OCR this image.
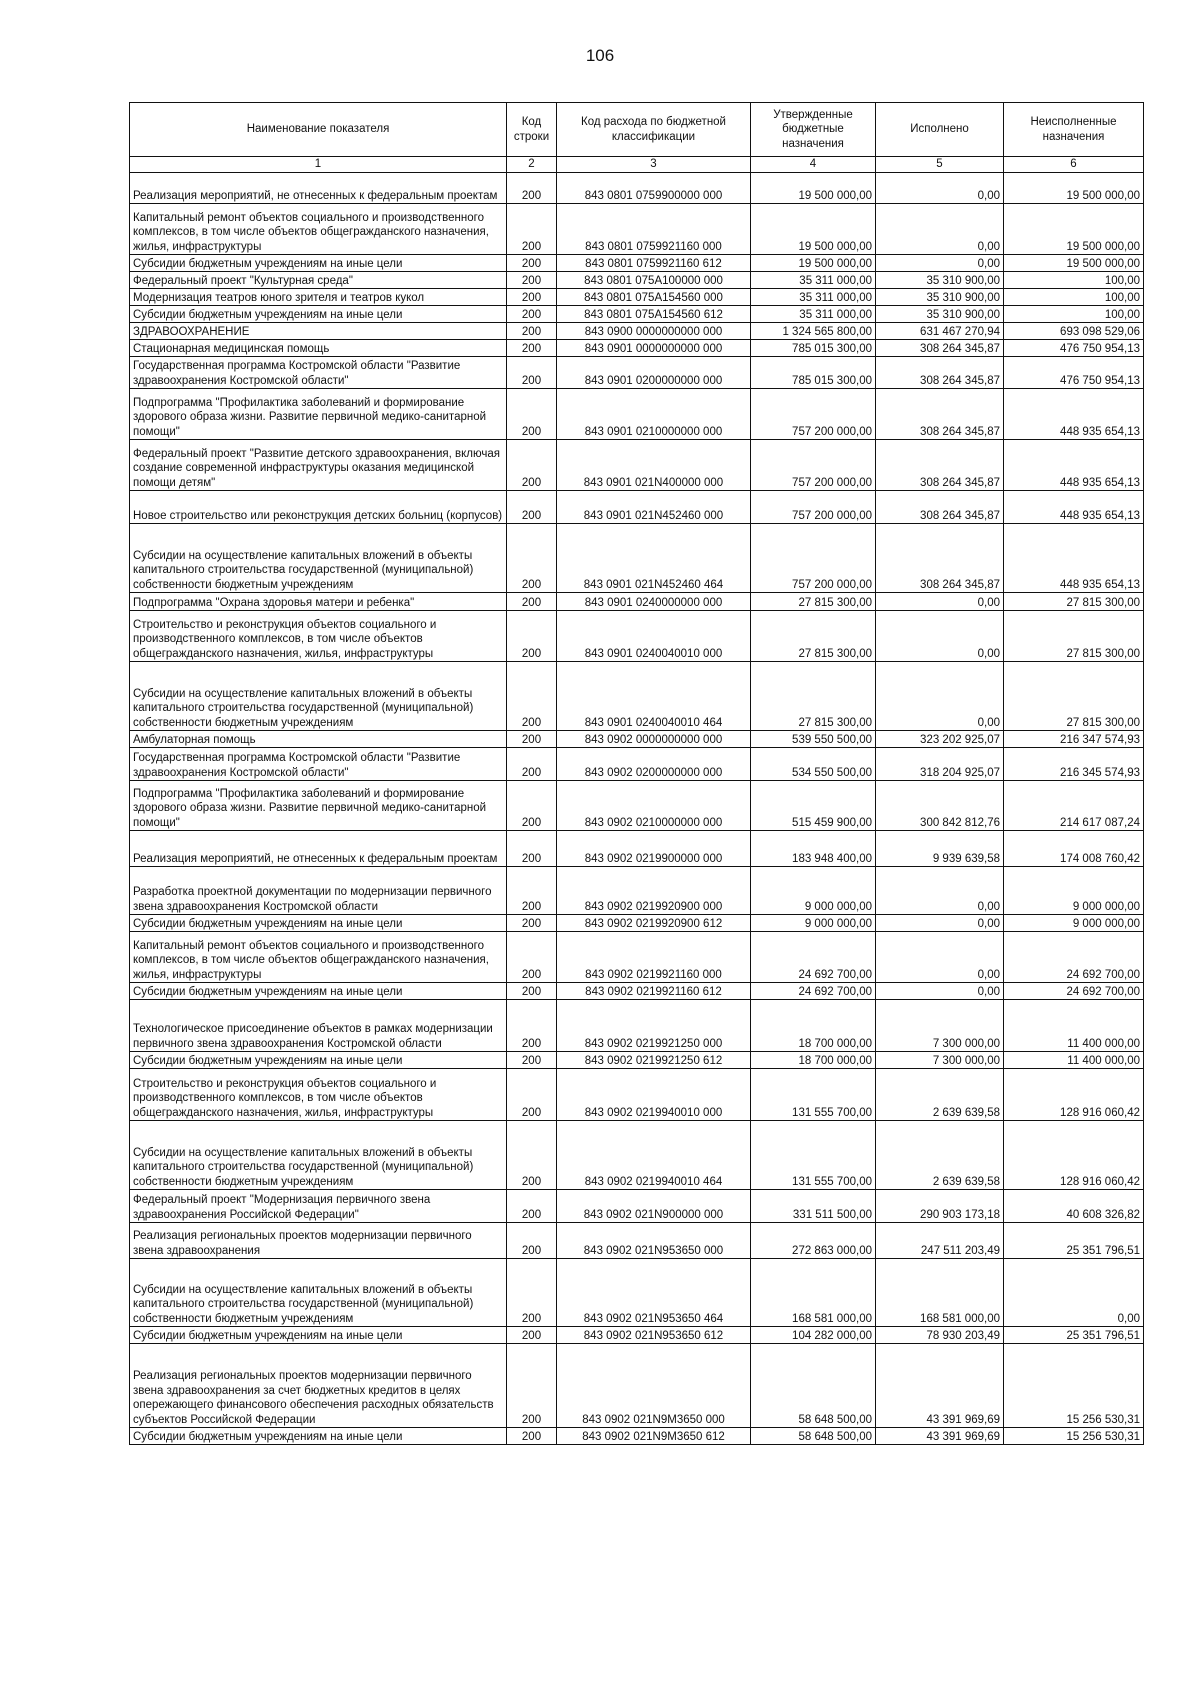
106
Наименование показателя	Код строки	Код расхода по бюджетной классификации	Утвержденные бюджетные назначения	Исполнено	Неисполненные назначения
1	2	3	4	5	6
Реализация мероприятий, не отнесенных к федеральным проектам	200	843 0801 0759900000 000	19 500 000,00	0,00	19 500 000,00
Капитальный ремонт объектов социального и производственного комплексов, в том числе объектов общегражданского назначения, жилья, инфраструктуры	200	843 0801 0759921160 000	19 500 000,00	0,00	19 500 000,00
Субсидии бюджетным учреждениям на иные цели	200	843 0801 0759921160 612	19 500 000,00	0,00	19 500 000,00
Федеральный проект "Культурная среда"	200	843 0801 075A100000 000	35 311 000,00	35 310 900,00	100,00
Модернизация театров юного зрителя и театров кукол	200	843 0801 075A154560 000	35 311 000,00	35 310 900,00	100,00
Субсидии бюджетным учреждениям на иные цели	200	843 0801 075A154560 612	35 311 000,00	35 310 900,00	100,00
ЗДРАВООХРАНЕНИЕ	200	843 0900 0000000000 000	1 324 565 800,00	631 467 270,94	693 098 529,06
Стационарная медицинская помощь	200	843 0901 0000000000 000	785 015 300,00	308 264 345,87	476 750 954,13
Государственная программа Костромской области "Развитие здравоохранения Костромской области"	200	843 0901 0200000000 000	785 015 300,00	308 264 345,87	476 750 954,13
Подпрограмма "Профилактика заболеваний и формирование здорового образа жизни. Развитие первичной медико-санитарной помощи"	200	843 0901 0210000000 000	757 200 000,00	308 264 345,87	448 935 654,13
Федеральный проект "Развитие детского здравоохранения, включая создание современной инфраструктуры оказания медицинской помощи детям"	200	843 0901 021N400000 000	757 200 000,00	308 264 345,87	448 935 654,13
Новое строительство или реконструкция детских больниц (корпусов)	200	843 0901 021N452460 000	757 200 000,00	308 264 345,87	448 935 654,13
Субсидии на осуществление капитальных вложений в объекты капитального строительства государственной (муниципальной) собственности бюджетным учреждениям	200	843 0901 021N452460 464	757 200 000,00	308 264 345,87	448 935 654,13
Подпрограмма "Охрана здоровья матери и ребенка"	200	843 0901 0240000000 000	27 815 300,00	0,00	27 815 300,00
Строительство и реконструкция объектов социального и производственного комплексов, в том числе объектов общегражданского назначения, жилья, инфраструктуры	200	843 0901 0240040010 000	27 815 300,00	0,00	27 815 300,00
Субсидии на осуществление капитальных вложений в объекты капитального строительства государственной (муниципальной) собственности бюджетным учреждениям	200	843 0901 0240040010 464	27 815 300,00	0,00	27 815 300,00
Амбулаторная помощь	200	843 0902 0000000000 000	539 550 500,00	323 202 925,07	216 347 574,93
Государственная программа Костромской области "Развитие здравоохранения Костромской области"	200	843 0902 0200000000 000	534 550 500,00	318 204 925,07	216 345 574,93
Подпрограмма "Профилактика заболеваний и формирование здорового образа жизни. Развитие первичной медико-санитарной помощи"	200	843 0902 0210000000 000	515 459 900,00	300 842 812,76	214 617 087,24
Реализация мероприятий, не отнесенных к федеральным проектам	200	843 0902 0219900000 000	183 948 400,00	9 939 639,58	174 008 760,42
Разработка проектной документации по модернизации первичного звена здравоохранения Костромской области	200	843 0902 0219920900 000	9 000 000,00	0,00	9 000 000,00
Субсидии бюджетным учреждениям на иные цели	200	843 0902 0219920900 612	9 000 000,00	0,00	9 000 000,00
Капитальный ремонт объектов социального и производственного комплексов, в том числе объектов общегражданского назначения, жилья, инфраструктуры	200	843 0902 0219921160 000	24 692 700,00	0,00	24 692 700,00
Субсидии бюджетным учреждениям на иные цели	200	843 0902 0219921160 612	24 692 700,00	0,00	24 692 700,00
Технологическое присоединение объектов в рамках модернизации первичного звена здравоохранения Костромской области	200	843 0902 0219921250 000	18 700 000,00	7 300 000,00	11 400 000,00
Субсидии бюджетным учреждениям на иные цели	200	843 0902 0219921250 612	18 700 000,00	7 300 000,00	11 400 000,00
Строительство и реконструкция объектов социального и производственного комплексов, в том числе объектов общегражданского назначения, жилья, инфраструктуры	200	843 0902 0219940010 000	131 555 700,00	2 639 639,58	128 916 060,42
Субсидии на осуществление капитальных вложений в объекты капитального строительства государственной (муниципальной) собственности бюджетным учреждениям	200	843 0902 0219940010 464	131 555 700,00	2 639 639,58	128 916 060,42
Федеральный проект "Модернизация первичного звена здравоохранения Российской Федерации"	200	843 0902 021N900000 000	331 511 500,00	290 903 173,18	40 608 326,82
Реализация региональных проектов модернизации первичного звена здравоохранения	200	843 0902 021N953650 000	272 863 000,00	247 511 203,49	25 351 796,51
Субсидии на осуществление капитальных вложений в объекты капитального строительства государственной (муниципальной) собственности бюджетным учреждениям	200	843 0902 021N953650 464	168 581 000,00	168 581 000,00	0,00
Субсидии бюджетным учреждениям на иные цели	200	843 0902 021N953650 612	104 282 000,00	78 930 203,49	25 351 796,51
Реализация региональных проектов модернизации первичного звена здравоохранения за счет бюджетных кредитов в целях опережающего финансового обеспечения расходных обязательств субъектов Российской Федерации	200	843 0902 021N9M3650 000	58 648 500,00	43 391 969,69	15 256 530,31
Субсидии бюджетным учреждениям на иные цели	200	843 0902 021N9M3650 612	58 648 500,00	43 391 969,69	15 256 530,31
